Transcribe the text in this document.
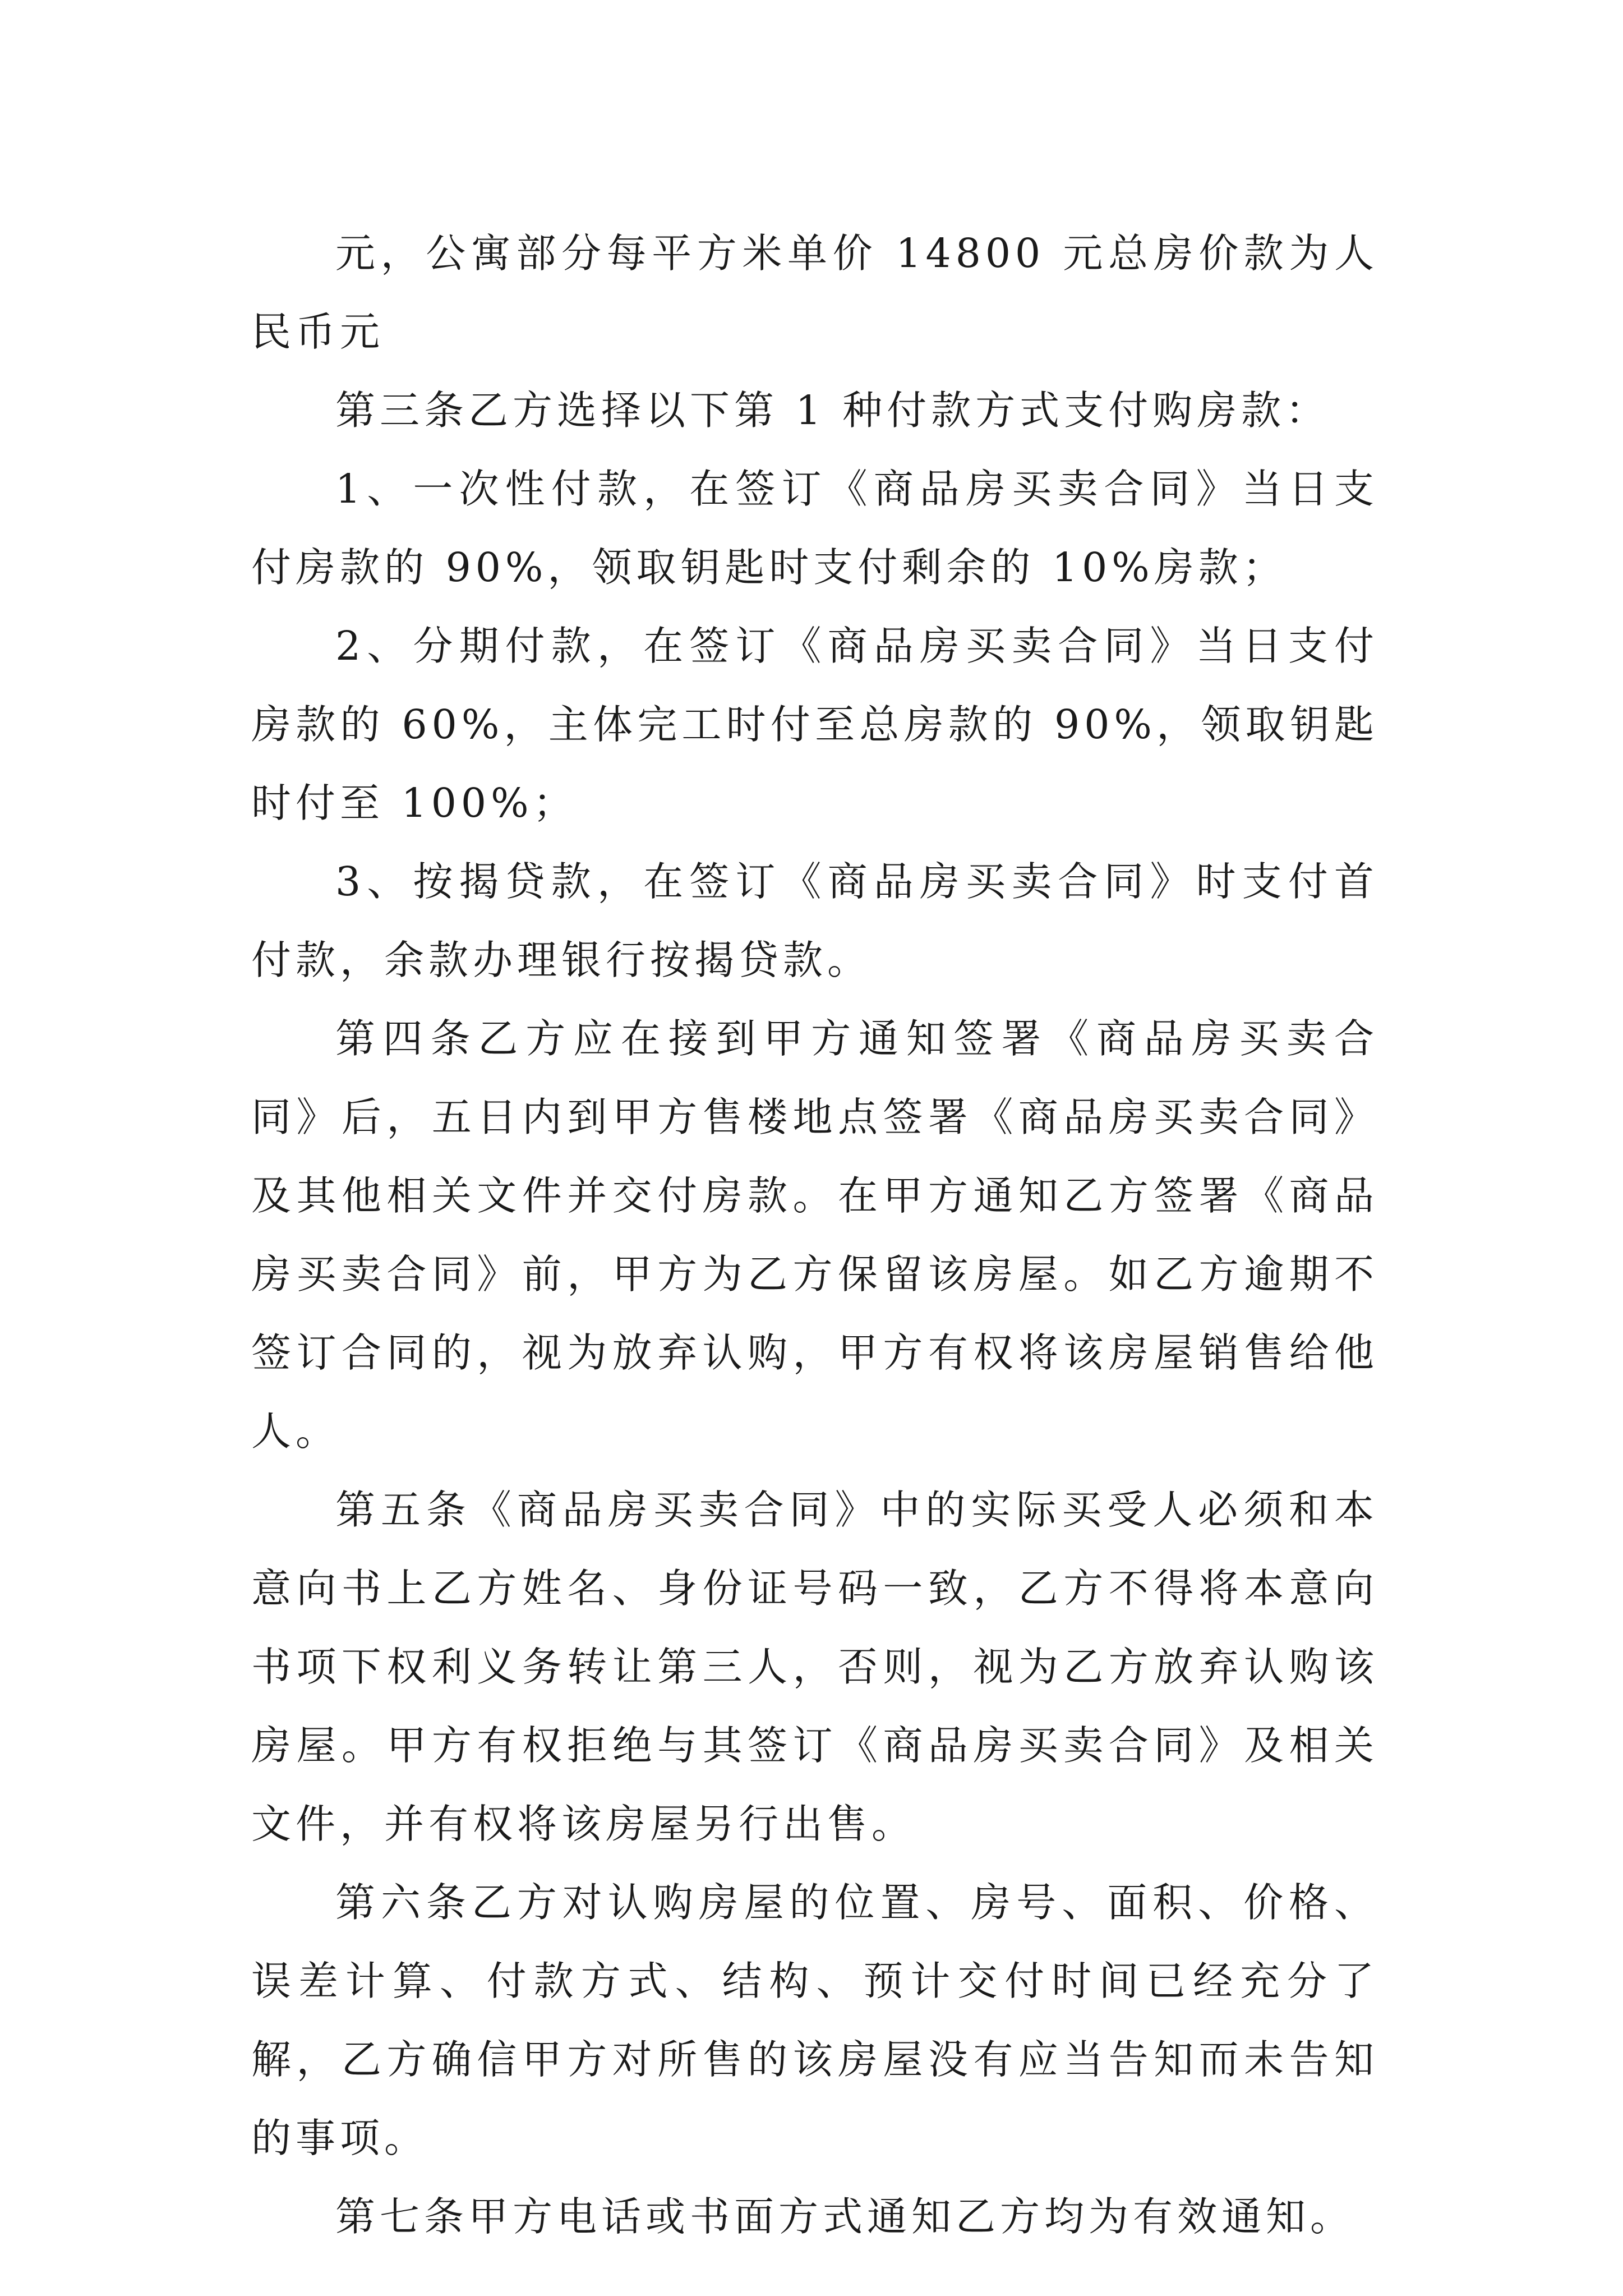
元，公寓部分每平方米单价 14800 元总房价款为人民币元

第三条乙方选择以下第 1 种付款方式支付购房款：

1、一次性付款，在签订《商品房买卖合同》当日支付房款的 90%，领取钥匙时支付剩余的 10%房款；

2、分期付款，在签订《商品房买卖合同》当日支付房款的 60%，主体完工时付至总房款的 90%，领取钥匙时付至 100%；

3、按揭贷款，在签订《商品房买卖合同》时支付首付款，余款办理银行按揭贷款。

第四条乙方应在接到甲方通知签署《商品房买卖合同》后，五日内到甲方售楼地点签署《商品房买卖合同》及其他相关文件并交付房款。在甲方通知乙方签署《商品房买卖合同》前，甲方为乙方保留该房屋。如乙方逾期不签订合同的，视为放弃认购，甲方有权将该房屋销售给他人。

第五条《商品房买卖合同》中的实际买受人必须和本意向书上乙方姓名、身份证号码一致，乙方不得将本意向书项下权利义务转让第三人，否则，视为乙方放弃认购该房屋。甲方有权拒绝与其签订《商品房买卖合同》及相关文件，并有权将该房屋另行出售。

第六条乙方对认购房屋的位置、房号、面积、价格、误差计算、付款方式、结构、预计交付时间已经充分了解，乙方确信甲方对所售的该房屋没有应当告知而未告知的事项。

第七条甲方电话或书面方式通知乙方均为有效通知。
